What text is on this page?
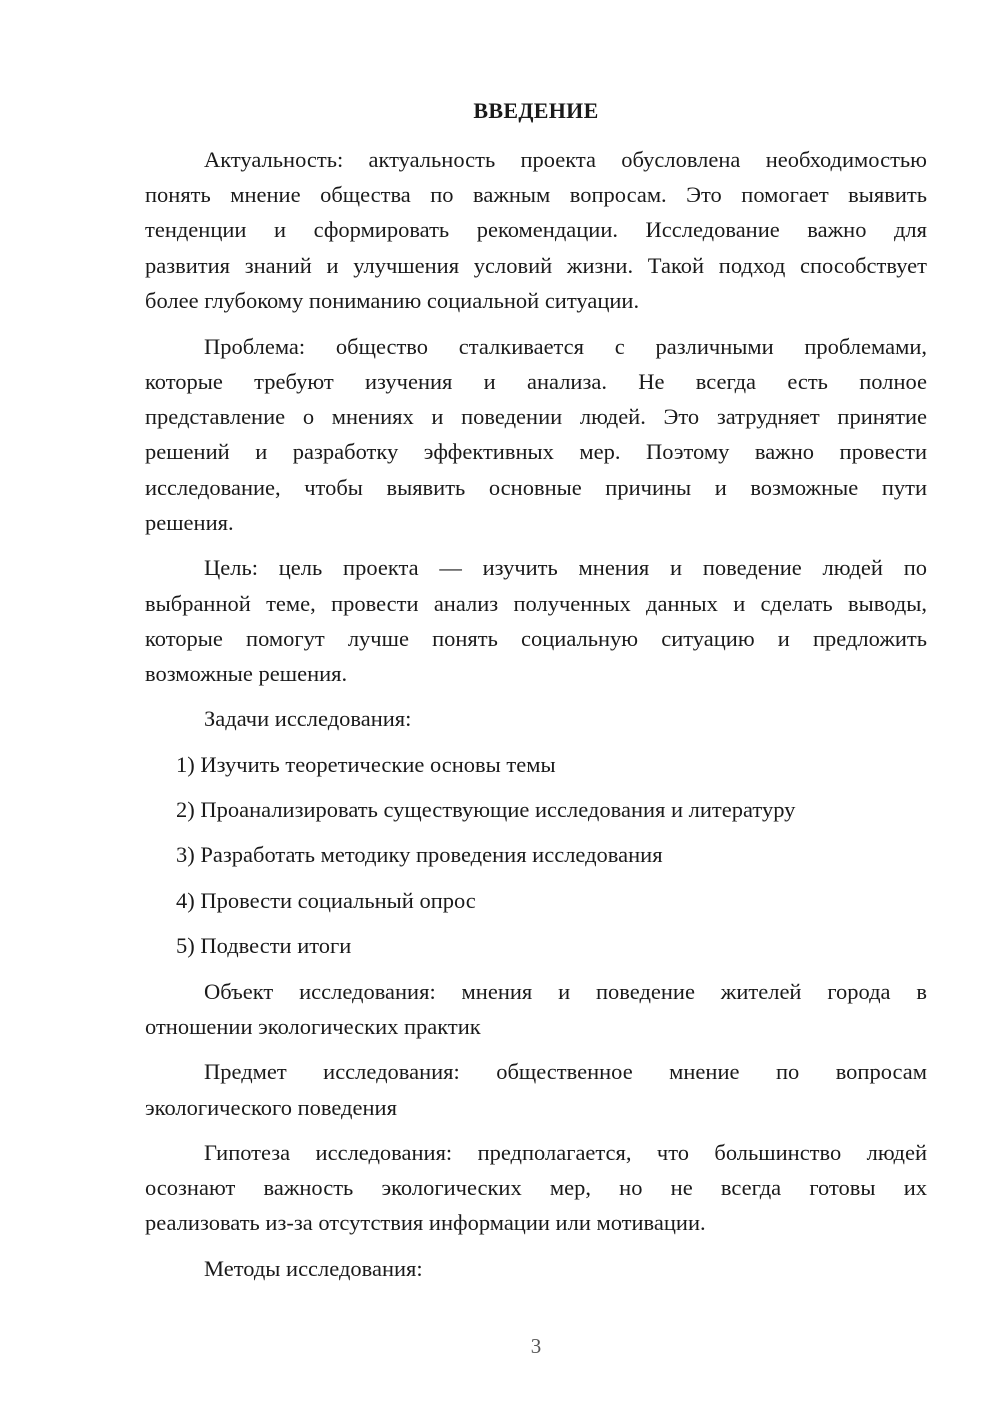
ВВЕДЕНИЕ
Актуальность: актуальность проекта обусловлена необходимостью
понять мнение общества по важным вопросам. Это помогает выявить
тенденции и сформировать рекомендации. Исследование важно для
развития знаний и улучшения условий жизни. Такой подход способствует
более глубокому пониманию социальной ситуации.
Проблема: общество сталкивается с различными проблемами,
которые требуют изучения и анализа. Не всегда есть полное
представление о мнениях и поведении людей. Это затрудняет принятие
решений и разработку эффективных мер. Поэтому важно провести
исследование, чтобы выявить основные причины и возможные пути
решения.
Цель: цель проекта — изучить мнения и поведение людей по
выбранной теме, провести анализ полученных данных и сделать выводы,
которые помогут лучше понять социальную ситуацию и предложить
возможные решения.
Задачи исследования:
1) Изучить теоретические основы темы
2) Проанализировать существующие исследования и литературу
3) Разработать методику проведения исследования
4) Провести социальный опрос
5) Подвести итоги
Объект исследования: мнения и поведение жителей города в
отношении экологических практик
Предмет исследования: общественное мнение по вопросам
экологического поведения
Гипотеза исследования: предполагается, что большинство людей
осознают важность экологических мер, но не всегда готовы их
реализовать из-за отсутствия информации или мотивации.
Методы исследования:
3
